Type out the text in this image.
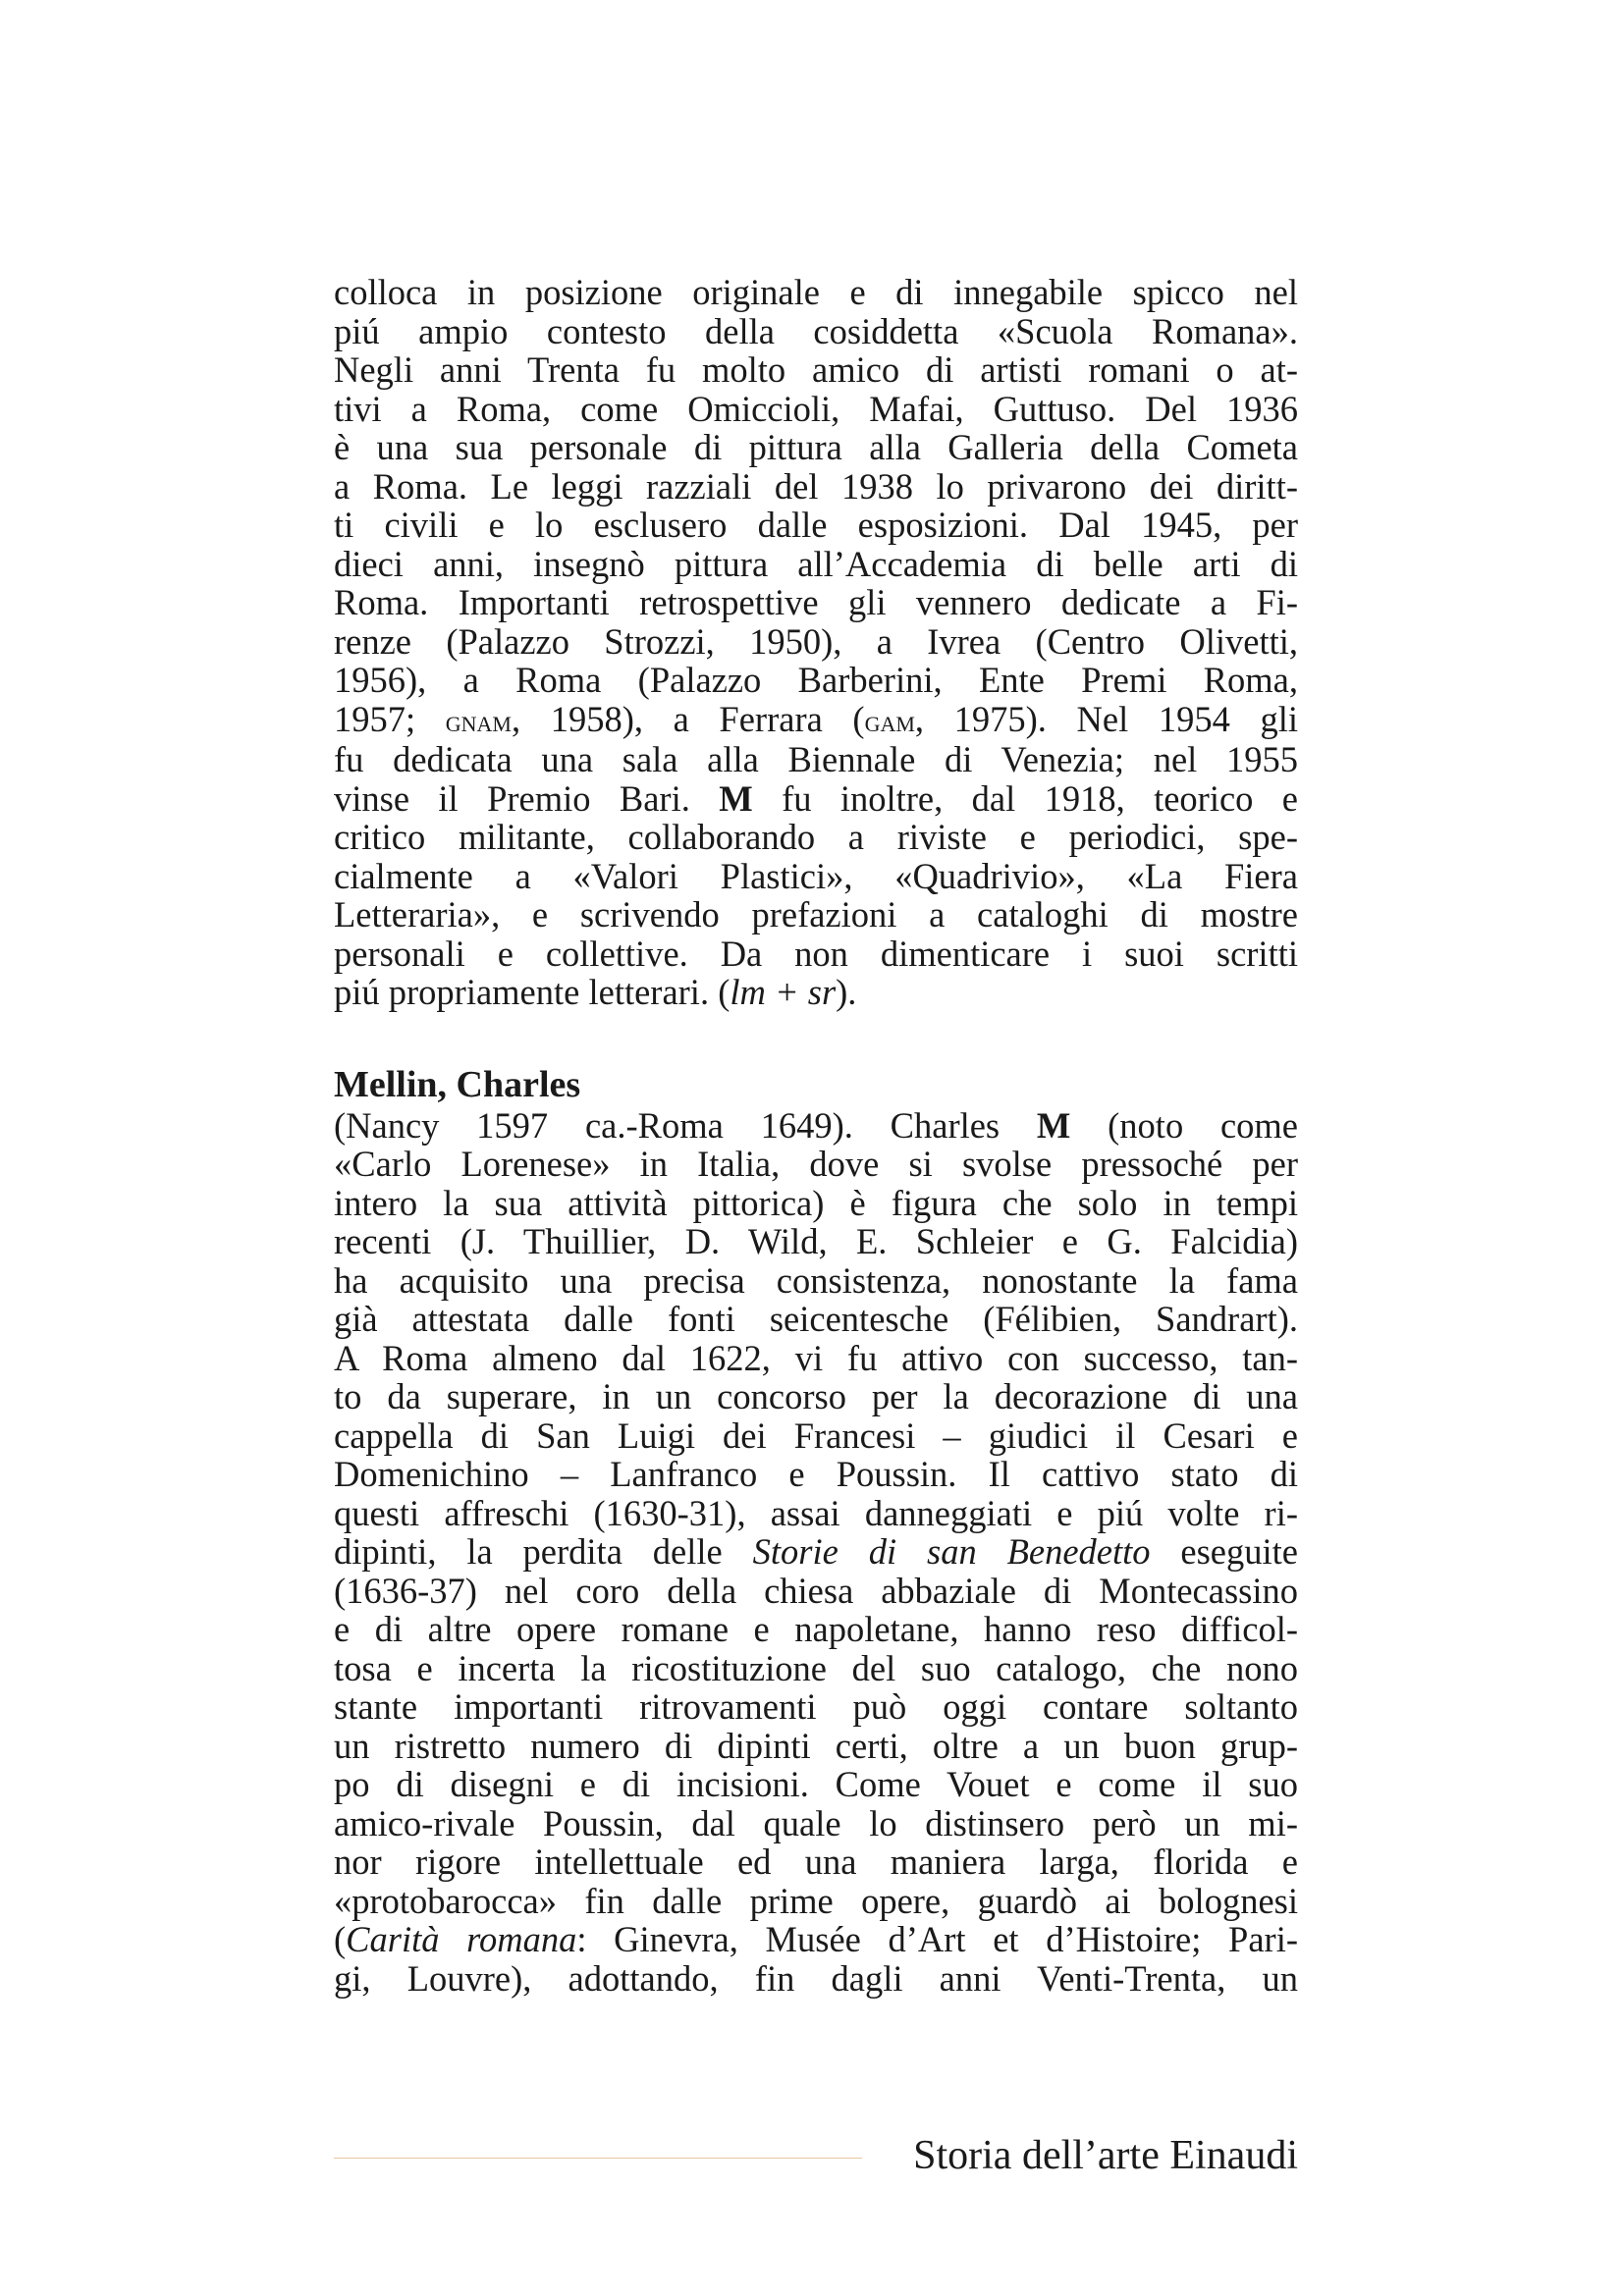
colloca in posizione originale e di innegabile spicco nel
piú ampio contesto della cosiddetta «Scuola Romana».
Negli anni Trenta fu molto amico di artisti romani o at-
tivi a Roma, come Omiccioli, Mafai, Guttuso. Del 1936
è una sua personale di pittura alla Galleria della Cometa
a Roma. Le leggi razziali del 1938 lo privarono dei diritt-
ti civili e lo esclusero dalle esposizioni. Dal 1945, per
dieci anni, insegnò pittura all’Accademia di belle arti di
Roma. Importanti retrospettive gli vennero dedicate a Fi-
renze (Palazzo Strozzi, 1950), a Ivrea (Centro Olivetti,
1956), a Roma (Palazzo Barberini, Ente Premi Roma,
1957; gnam, 1958), a Ferrara (gam, 1975). Nel 1954 gli
fu dedicata una sala alla Biennale di Venezia; nel 1955
vinse il Premio Bari. M fu inoltre, dal 1918, teorico e
critico militante, collaborando a riviste e periodici, spe-
cialmente a «Valori Plastici», «Quadrivio», «La Fiera
Letteraria», e scrivendo prefazioni a cataloghi di mostre
personali e collettive. Da non dimenticare i suoi scritti
piú propriamente letterari. (lm + sr).
Mellin, Charles
(Nancy 1597 ca.-Roma 1649). Charles M (noto come
«Carlo Lorenese» in Italia, dove si svolse pressoché per
intero la sua attività pittorica) è figura che solo in tempi
recenti (J. Thuillier, D. Wild, E. Schleier e G. Falcidia)
ha acquisito una precisa consistenza, nonostante la fama
già attestata dalle fonti seicentesche (Félibien, Sandrart).
A Roma almeno dal 1622, vi fu attivo con successo, tan-
to da superare, in un concorso per la decorazione di una
cappella di San Luigi dei Francesi – giudici il Cesari e
Domenichino – Lanfranco e Poussin. Il cattivo stato di
questi affreschi (1630-31), assai danneggiati e piú volte ri-
dipinti, la perdita delle Storie di san Benedetto eseguite
(1636-37) nel coro della chiesa abbaziale di Montecassino
e di altre opere romane e napoletane, hanno reso difficol-
tosa e incerta la ricostituzione del suo catalogo, che nono
stante importanti ritrovamenti può oggi contare soltanto
un ristretto numero di dipinti certi, oltre a un buon grup-
po di disegni e di incisioni. Come Vouet e come il suo
amico-rivale Poussin, dal quale lo distinsero però un mi-
nor rigore intellettuale ed una maniera larga, florida e
«protobarocca» fin dalle prime opere, guardò ai bolognesi
(Carità romana: Ginevra, Musée d’Art et d’Histoire; Pari-
gi, Louvre), adottando, fin dagli anni Venti-Trenta, un
Storia dell’arte Einaudi
